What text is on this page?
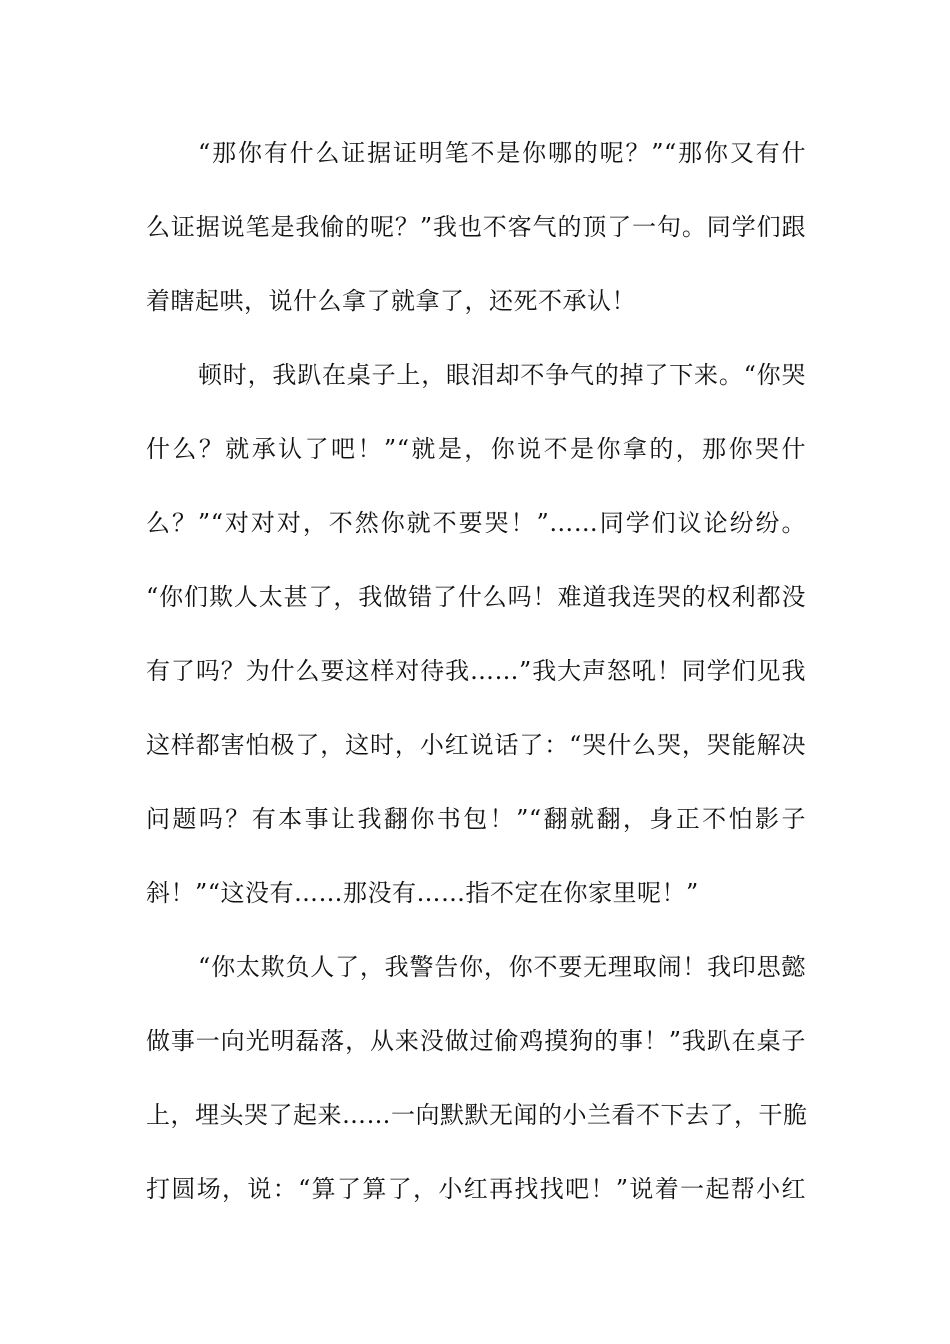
“那你有什么证据证明笔不是你哪的呢？”“那你又有什
么证据说笔是我偷的呢？”我也不客气的顶了一句。同学们跟
着瞎起哄，说什么拿了就拿了，还死不承认！
顿时，我趴在桌子上，眼泪却不争气的掉了下来。“你哭
什么？就承认了吧！”“就是，你说不是你拿的，那你哭什
么？”“对对对，不然你就不要哭！”……同学们议论纷纷。
“你们欺人太甚了，我做错了什么吗！难道我连哭的权利都没
有了吗？为什么要这样对待我……”我大声怒吼！同学们见我
这样都害怕极了，这时，小红说话了：“哭什么哭，哭能解决
问题吗？有本事让我翻你书包！”“翻就翻，身正不怕影子
斜！”“这没有……那没有……指不定在你家里呢！”
“你太欺负人了，我警告你，你不要无理取闹！我印思懿
做事一向光明磊落，从来没做过偷鸡摸狗的事！”我趴在桌子
上，埋头哭了起来……一向默默无闻的小兰看不下去了，干脆
打圆场，说：“算了算了，小红再找找吧！”说着一起帮小红
